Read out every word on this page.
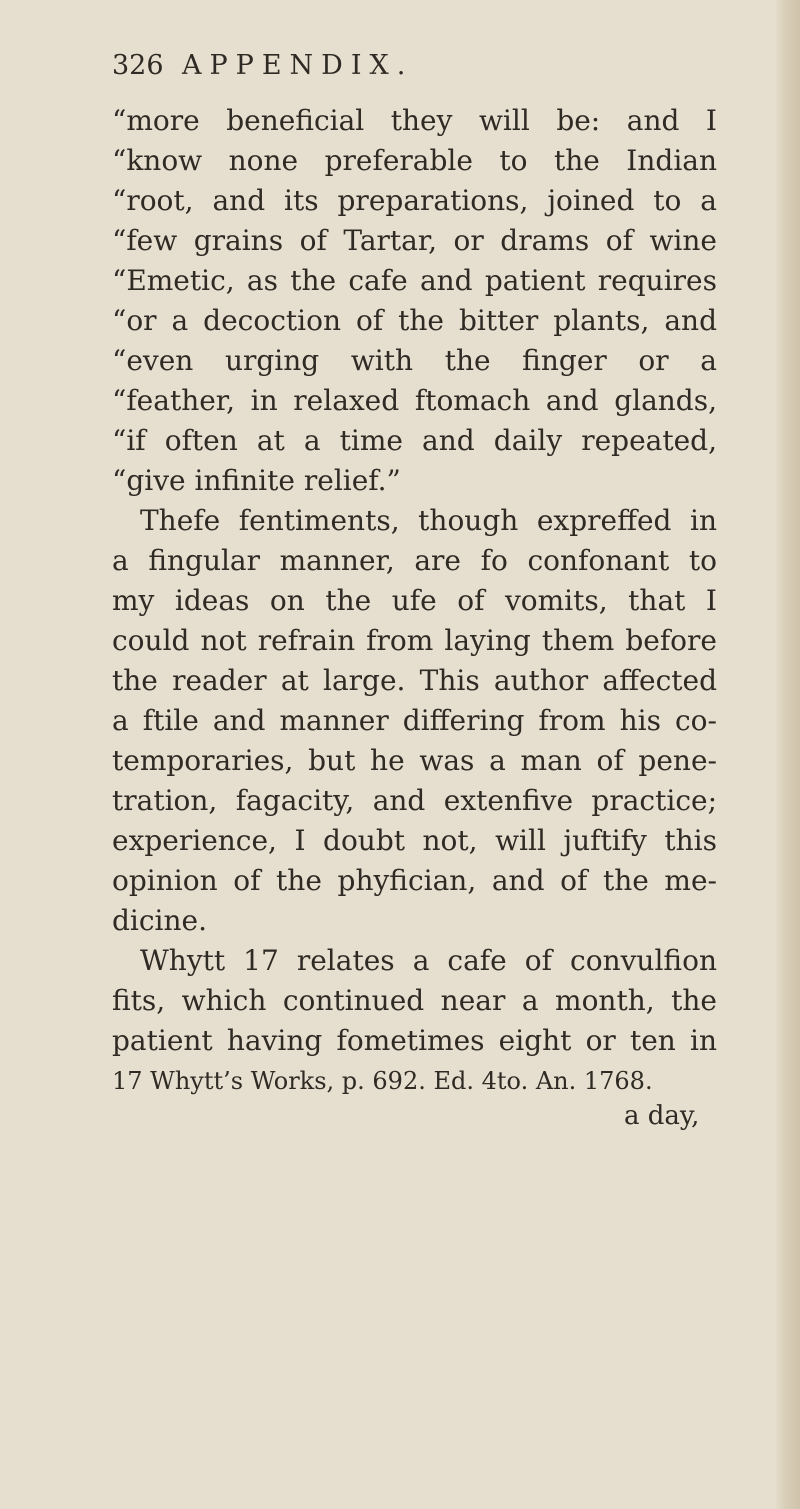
326 APPENDIX.
“more beneficial they will be: and I
“know none preferable to the Indian
“root, and its preparations, joined to a
“few grains of Tartar, or drams of wine
“Emetic, as the cafe and patient requires
“or a decoction of the bitter plants, and
“even urging with the finger or a
“feather, in relaxed ftomach and glands,
“if often at a time and daily repeated,
“give infinite relief.”
Thefe fentiments, though expreffed in
a fingular manner, are fo confonant to
my ideas on the ufe of vomits, that I
could not refrain from laying them before
the reader at large. This author affected
a ftile and manner differing from his co-
temporaries, but he was a man of pene-
tration, fagacity, and extenfive practice;
experience, I doubt not, will juftify this
opinion of the phyfician, and of the me-
dicine.
Whytt 17 relates a cafe of convulfion
fits, which continued near a month, the
patient having fometimes eight or ten in
17 Whytt’s Works, p. 692. Ed. 4to. An. 1768.
a day,
